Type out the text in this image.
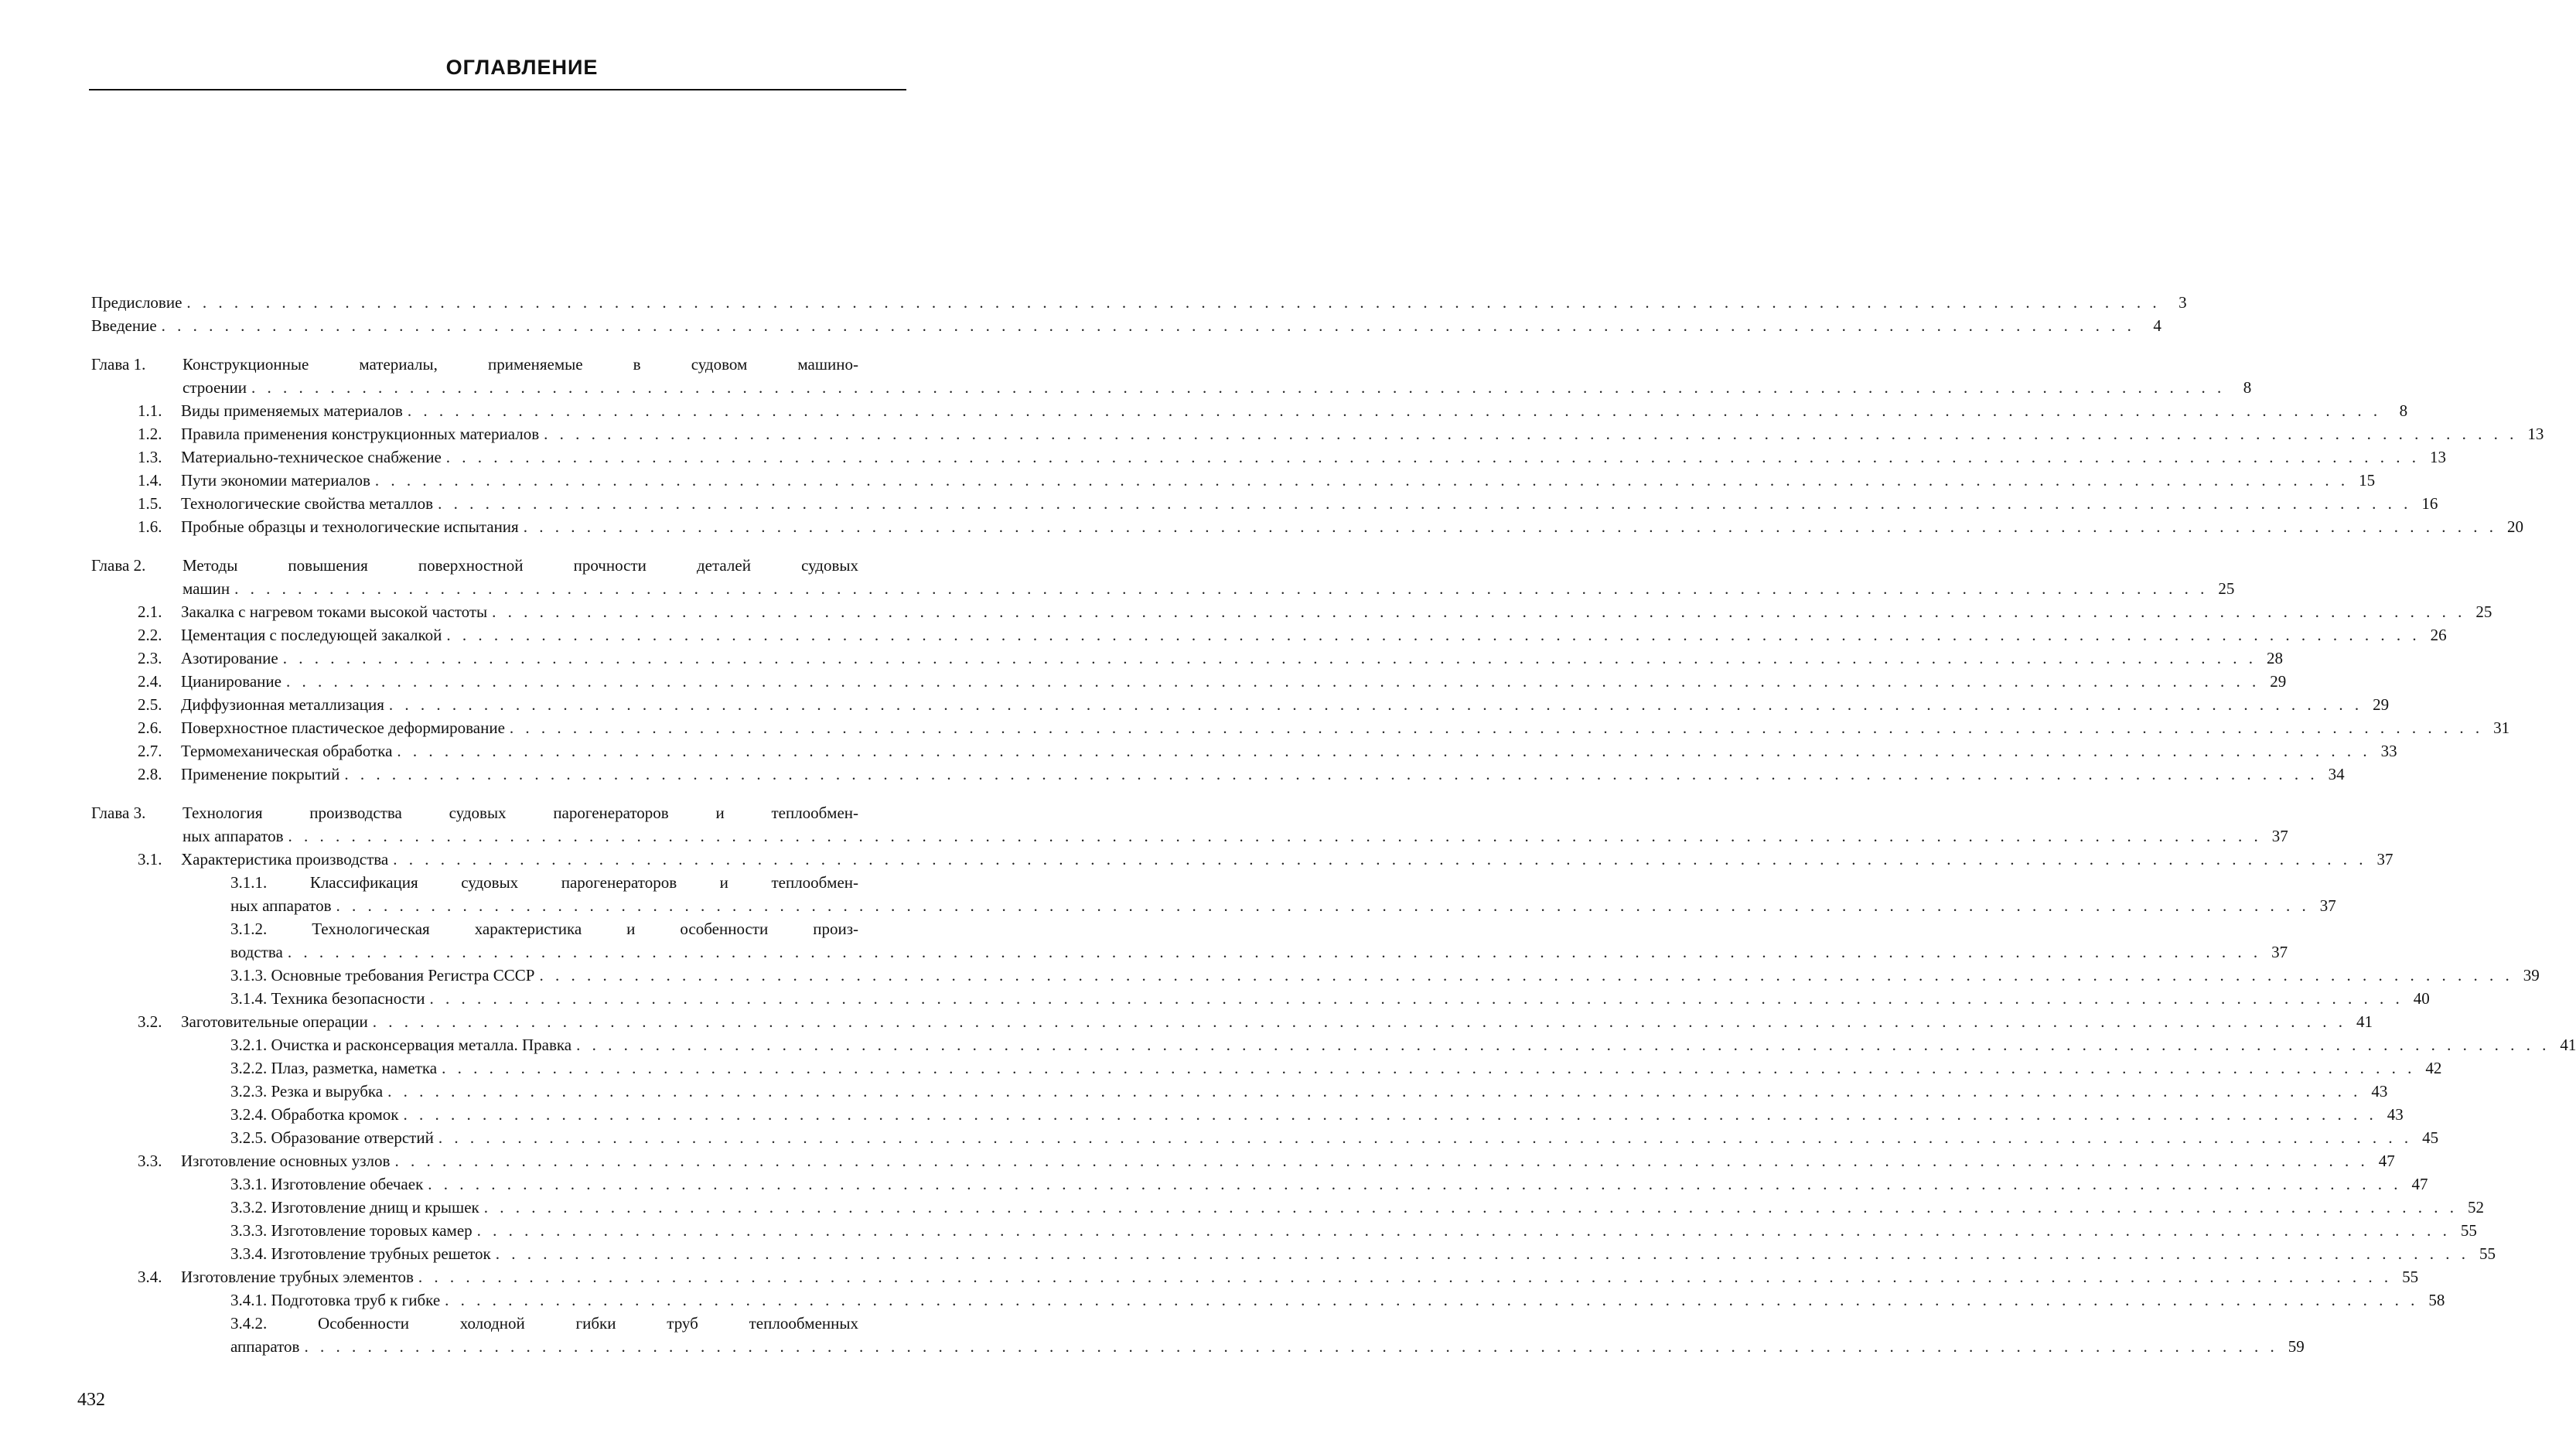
ОГЛАВЛЕНИЕ
Предисловие . . .	3
Введение . . .	4
Глава 1.	Конструкционные материалы, применяемые в судовом машино-
строении . . .	8
1.1.	Виды применяемых материалов . . .	8
1.2.	Правила применения конструкционных материалов . . .	13
1.3.	Материально-техническое снабжение . . .	13
1.4.	Пути экономии материалов . . .	15
1.5.	Технологические свойства металлов . . .	16
1.6.	Пробные образцы и технологические испытания . . .	20
Глава 2.	Методы повышения поверхностной прочности деталей судовых
машин . . .	25
2.1.	Закалка с нагревом токами высокой частоты . . .	25
2.2.	Цементация с последующей закалкой . . .	26
2.3.	Азотирование . . .	28
2.4.	Цианирование . . .	29
2.5.	Диффузионная металлизация . . .	29
2.6.	Поверхностное пластическое деформирование . . .	31
2.7.	Термомеханическая обработка . . .	33
2.8.	Применение покрытий . . .	34
Глава 3.	Технология производства судовых парогенераторов и теплообмен-
ных аппаратов . . .	37
3.1.	Характеристика производства . . .	37
3.1.1.	Классификация судовых парогенераторов и теплообмен-
ных аппаратов . . .	37
3.1.2.	Технологическая характеристика и особенности произ-
водства . . .	37
3.1.3. Основные требования Регистра СССР . . .	39
3.1.4. Техника безопасности . . .	40
3.2.	Заготовительные операции . . .	41
3.2.1. Очистка и расконсервация металла. Правка . . .	41
3.2.2. Плаз, разметка, наметка . . .	42
3.2.3. Резка и вырубка . . .	43
3.2.4. Обработка кромок . . .	43
3.2.5. Образование отверстий . . .	45
3.3.	Изготовление основных узлов . . .	47
3.3.1. Изготовление обечаек . . .	47
3.3.2. Изготовление днищ и крышек . . .	52
3.3.3. Изготовление торовых камер . . .	55
3.3.4. Изготовление трубных решеток . . .	55
3.4.	Изготовление трубных элементов . . .	55
3.4.1. Подготовка труб к гибке . . .	58
3.4.2.	Особенности холодной гибки труб теплообменных
аппаратов . . .	59
432
